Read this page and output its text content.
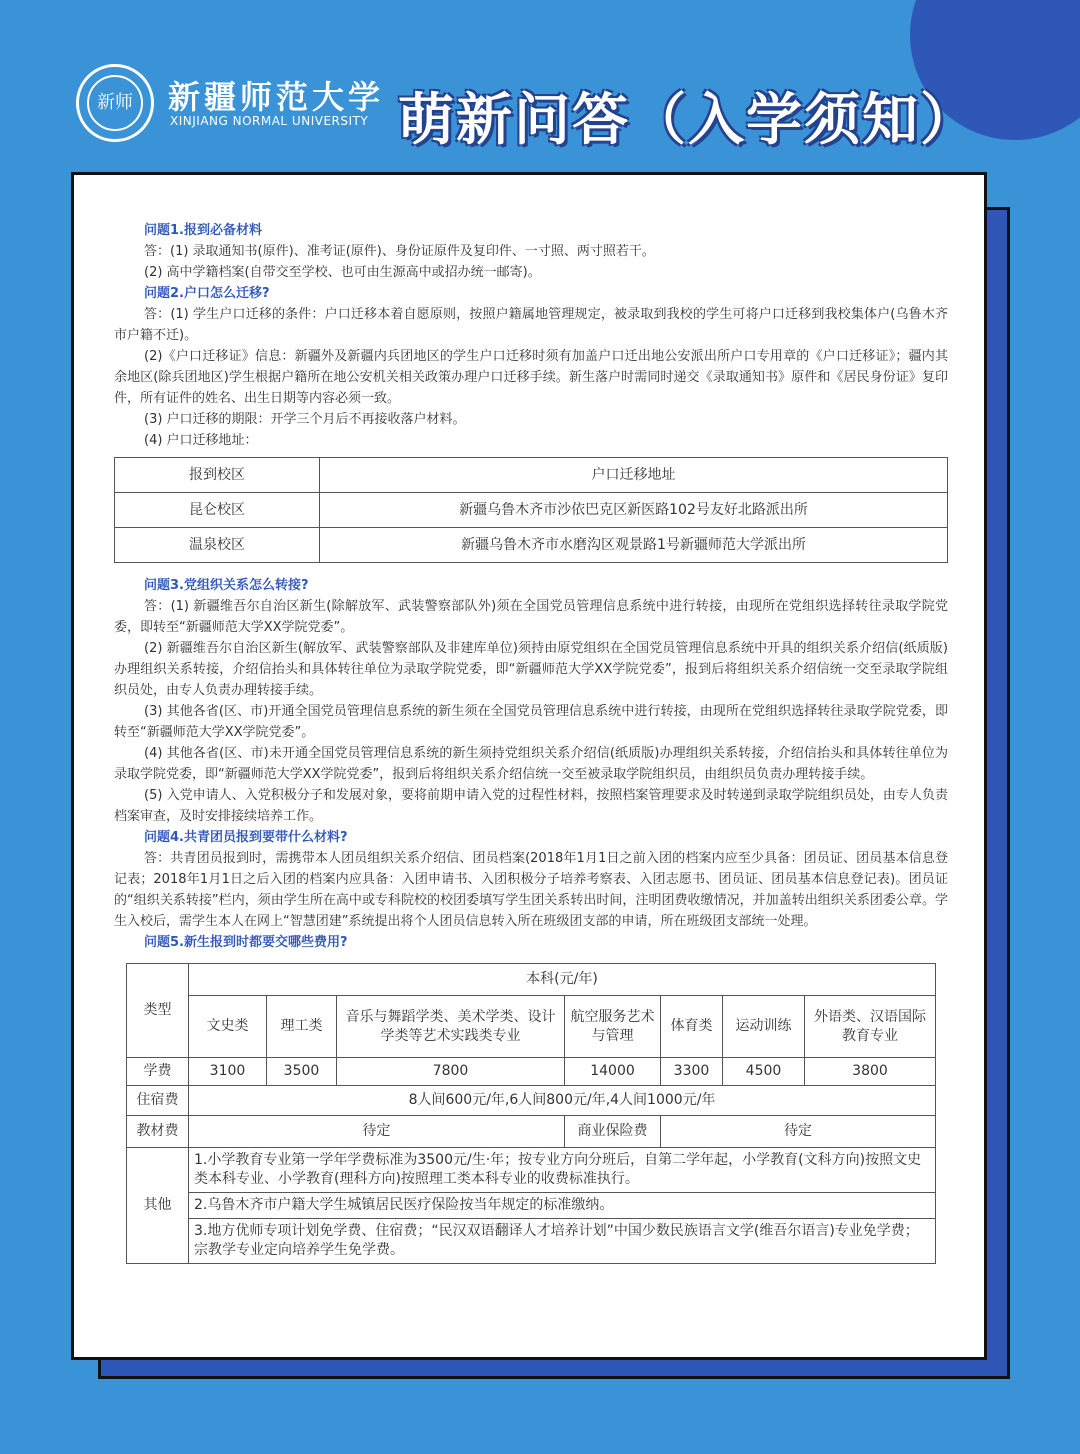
新师	新疆师范大学
XINJIANG NORMAL UNIVERSITY 萌新问答（入学须知）
问题1.报到必备材料
答：(1) 录取通知书(原件)、准考证(原件)、身份证原件及复印件、一寸照、两寸照若干。
(2) 高中学籍档案(自带交至学校、也可由生源高中或招办统一邮寄)。
问题2.户口怎么迁移?
答：(1) 学生户口迁移的条件：户口迁移本着自愿原则，按照户籍属地管理规定，被录取到我校的学生可将户口迁移到我校集体户(乌鲁木齐市户籍不迁)。
(2)《户口迁移证》信息：新疆外及新疆内兵团地区的学生户口迁移时须有加盖户口迁出地公安派出所户口专用章的《户口迁移证》；疆内其余地区(除兵团地区)学生根据户籍所在地公安机关相关政策办理户口迁移手续。新生落户时需同时递交《录取通知书》原件和《居民身份证》复印件，所有证件的姓名、出生日期等内容必须一致。
(3) 户口迁移的期限：开学三个月后不再接收落户材料。
(4) 户口迁移地址：
报到校区	户口迁移地址
昆仑校区	新疆乌鲁木齐市沙依巴克区新医路102号友好北路派出所
温泉校区	新疆乌鲁木齐市水磨沟区观景路1号新疆师范大学派出所
问题3.党组织关系怎么转接?
答：(1) 新疆维吾尔自治区新生(除解放军、武装警察部队外)须在全国党员管理信息系统中进行转接，由现所在党组织选择转往录取学院党委，即转至“新疆师范大学XX学院党委”。
(2) 新疆维吾尔自治区新生(解放军、武装警察部队及非建库单位)须持由原党组织在全国党员管理信息系统中开具的组织关系介绍信(纸质版)办理组织关系转接，介绍信抬头和具体转往单位为录取学院党委，即“新疆师范大学XX学院党委”，报到后将组织关系介绍信统一交至录取学院组织员处，由专人负责办理转接手续。
(3) 其他各省(区、市)开通全国党员管理信息系统的新生须在全国党员管理信息系统中进行转接，由现所在党组织选择转往录取学院党委，即转至“新疆师范大学XX学院党委”。
(4) 其他各省(区、市)未开通全国党员管理信息系统的新生须持党组织关系介绍信(纸质版)办理组织关系转接，介绍信抬头和具体转往单位为录取学院党委，即“新疆师范大学XX学院党委”，报到后将组织关系介绍信统一交至被录取学院组织员，由组织员负责办理转接手续。
(5) 入党申请人、入党积极分子和发展对象，要将前期申请入党的过程性材料，按照档案管理要求及时转递到录取学院组织员处，由专人负责档案审查，及时安排接续培养工作。
问题4.共青团员报到要带什么材料?
答：共青团员报到时，需携带本人团员组织关系介绍信、团员档案(2018年1月1日之前入团的档案内应至少具备：团员证、团员基本信息登记表；2018年1月1日之后入团的档案内应具备：入团申请书、入团积极分子培养考察表、入团志愿书、团员证、团员基本信息登记表)。团员证的“组织关系转接”栏内，须由学生所在高中或专科院校的校团委填写学生团关系转出时间，注明团费收缴情况，并加盖转出组织关系团委公章。学生入校后，需学生本人在网上“智慧团建”系统提出将个人团员信息转入所在班级团支部的申请，所在班级团支部统一处理。
问题5.新生报到时都要交哪些费用?
类型	本科(元/年)						
	文史类	理工类	音乐与舞蹈学类、美术学类、设计学类等艺术实践类专业	航空服务艺术与管理	体育类	运动训练	外语类、汉语国际教育专业
学费	3100	3500	7800	14000	3300	4500	3800
住宿费	8人间600元/年,6人间800元/年,4人间1000元/年						
教材费	待定			商业保险费	待定		
其他	1.小学教育专业第一学年学费标准为3500元/生·年；按专业方向分班后，自第二学年起，小学教育(文科方向)按照文史类本科专业、小学教育(理科方向)按照理工类本科专业的收费标准执行。						
	2.乌鲁木齐市户籍大学生城镇居民医疗保险按当年规定的标准缴纳。						
	3.地方优师专项计划免学费、住宿费；“民汉双语翻译人才培养计划”中国少数民族语言文学(维吾尔语言)专业免学费；宗教学专业定向培养学生免学费。						
